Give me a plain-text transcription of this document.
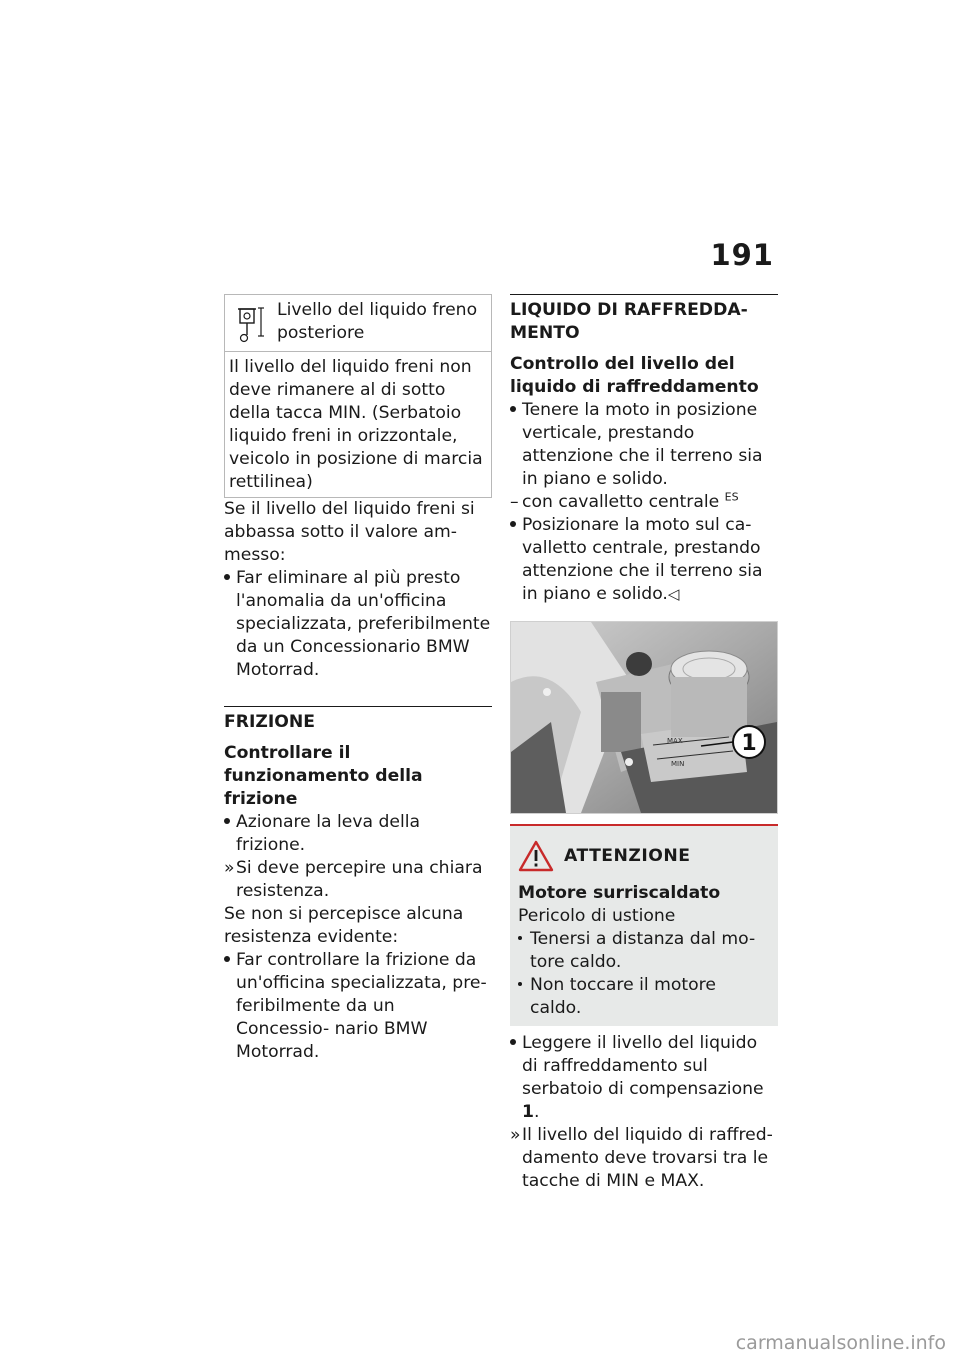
191

Livello del liquido freno posteriore

Il livello del liquido freni non deve rimanere al di sotto della tacca MIN. (Serbatoio liquido freni in orizzontale, veicolo in posizione di marcia rettilinea)

Se il livello del liquido freni si abbassa sotto il valore am- messo:

Far eliminare al più presto l'anomalia da un'officina specializzata, preferibilmente da un Concessionario BMW Motorrad.
FRIZIONE

Controllare il funzionamento della frizione

Azionare la leva della frizione.
» Si deve percepire una chiara resistenza.

Se non si percepisce alcuna resistenza evidente:

Far controllare la frizione da un'officina specializzata, pre- feribilmente da un Concessio- nario BMW Motorrad.
LIQUIDO DI RAFFREDDA- MENTO

Controllo del livello del liquido di raffreddamento

Tenere la moto in posizione verticale, prestando attenzione che il terreno sia in piano e solido.
– con cavalletto centrale $^{ES}$
Posizionare la moto sul ca- valletto centrale, prestando attenzione che il terreno sia in piano e solido.◁
MAX
MIN
1
ATTENZIONE

Motore surriscaldato

Pericolo di ustione

Tenersi a distanza dal mo- tore caldo.
Non toccare il motore caldo.
Leggere il livello del liquido di raffreddamento sul serbatoio di compensazione 1.
» Il livello del liquido di raffred- damento deve trovarsi tra le tacche di MIN e MAX.
carmanualsonline.info
